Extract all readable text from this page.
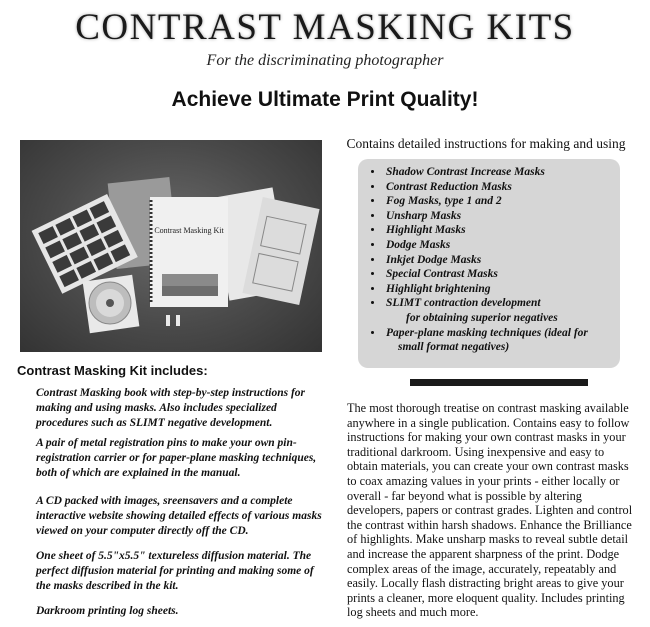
CONTRAST MASKING KITS
For the discriminating photographer
Achieve Ultimate Print Quality!
Contrast Masking Kit
Contrast Masking Kit includes:
Contrast Masking book with step-by-step instructions for making and using masks. Also includes specialized procedures such as SLIMT negative development.
A pair of metal registration pins to make your own pin-registration carrier or for paper-plane masking techniques, both of which are explained in the manual.
A CD packed with images, sreensavers and a complete interactive website showing detailed effects of various masks viewed on your computer directly off the CD.
One sheet of 5.5"x5.5" textureless diffusion material. The perfect diffusion material for printing and making some of the masks described in the kit.
Darkroom printing log sheets.
Contains detailed instructions for making and using
• Shadow Contrast Increase Masks
• Contrast Reduction Masks
• Fog Masks, type 1 and 2
• Unsharp Masks
• Highlight Masks
• Dodge Masks
• Inkjet Dodge Masks
• Special Contrast Masks
• Highlight brightening
• SLIMT contraction development
for obtaining superior negatives
• Paper-plane masking techniques (ideal for
small format negatives)
The most thorough treatise on contrast masking available anywhere in a single publication. Contains easy to follow instructions for making your own contrast masks in your traditional darkroom. Using inexpensive and easy to obtain materials, you can create your own contrast masks to coax amazing values in your prints - either locally or overall - far beyond what is possible by altering developers, papers or contrast grades. Lighten and control the contrast within harsh shadows. Enhance the Brilliance of highlights. Make unsharp masks to reveal subtle detail and increase the apparent sharpness of the print. Dodge complex areas of the image, accurately, repeatably and easily. Locally flash distracting bright areas to give your prints a cleaner, more eloquent quality. Includes printing log sheets and much more.
